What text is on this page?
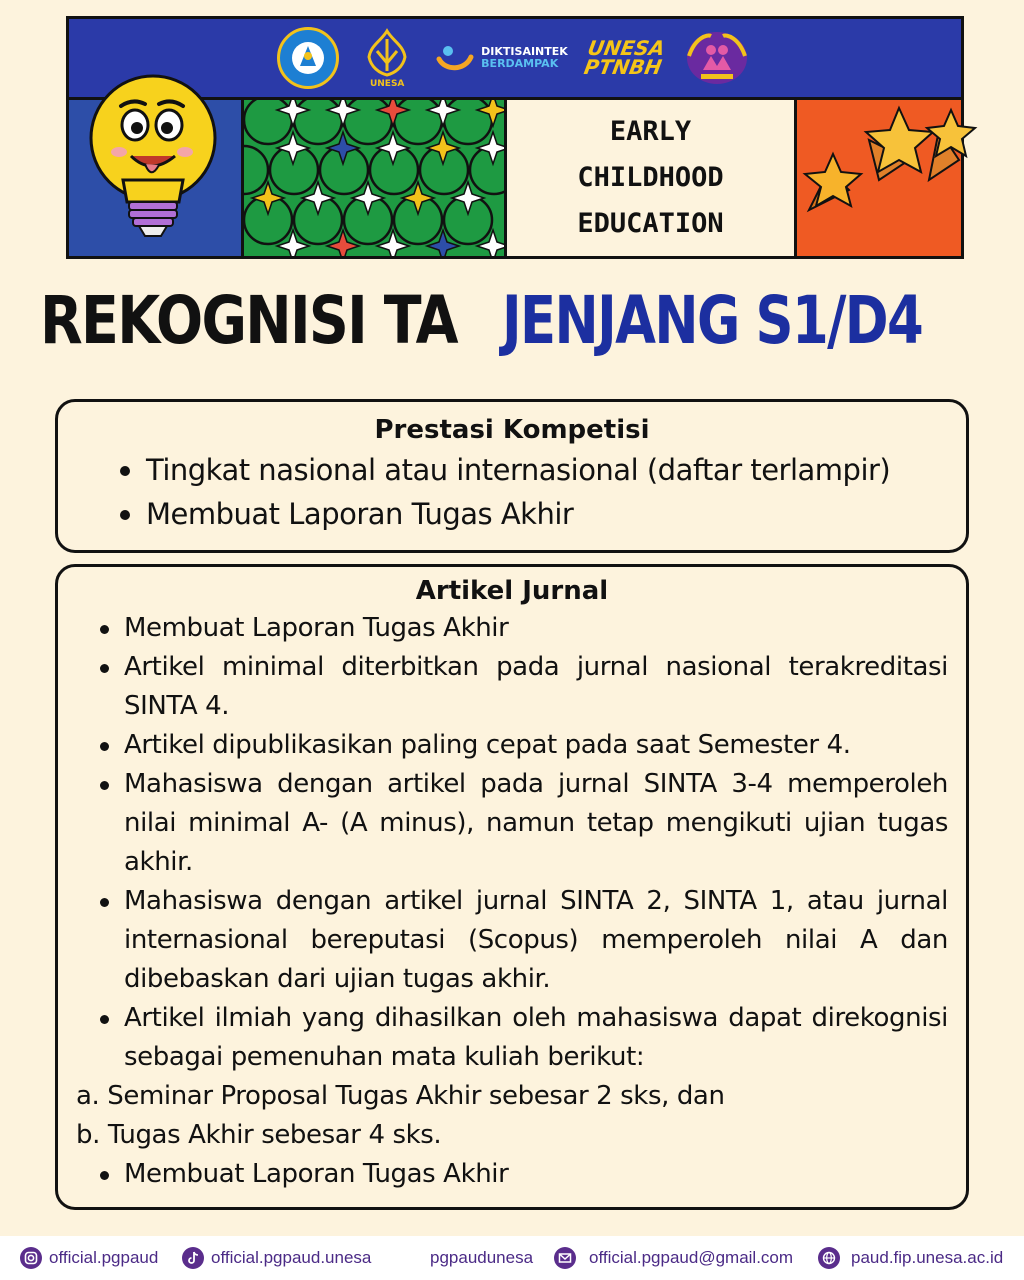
UNESA
DIKTISAINTEK
BERDAMPAK
UNESA
PTNBH
EARLY
CHILDHOOD
EDUCATION
REKOGNISI TA JENJANG S1/D4
Prestasi Kompetisi
Tingkat nasional atau internasional (daftar terlampir)
Membuat Laporan Tugas Akhir
Artikel Jurnal
Membuat Laporan Tugas Akhir
Artikel minimal diterbitkan pada jurnal nasional terakreditasi SINTA 4.
Artikel dipublikasikan paling cepat pada saat Semester 4.
Mahasiswa dengan artikel pada jurnal SINTA 3-4 memperoleh nilai minimal A- (A minus), namun tetap mengikuti ujian tugas akhir.
Mahasiswa dengan artikel jurnal SINTA 2, SINTA 1, atau jurnal internasional bereputasi (Scopus) memperoleh nilai A dan dibebaskan dari ujian tugas akhir.
Artikel ilmiah yang dihasilkan oleh mahasiswa dapat direkognisi sebagai pemenuhan mata kuliah berikut:
a. Seminar Proposal Tugas Akhir sebesar 2 sks, dan
b. Tugas Akhir sebesar 4 sks.
Membuat Laporan Tugas Akhir
official.pgpaud	official.pgpaud.unesa	pgpaudunesa	official.pgpaud@gmail.com	paud.fip.unesa.ac.id
